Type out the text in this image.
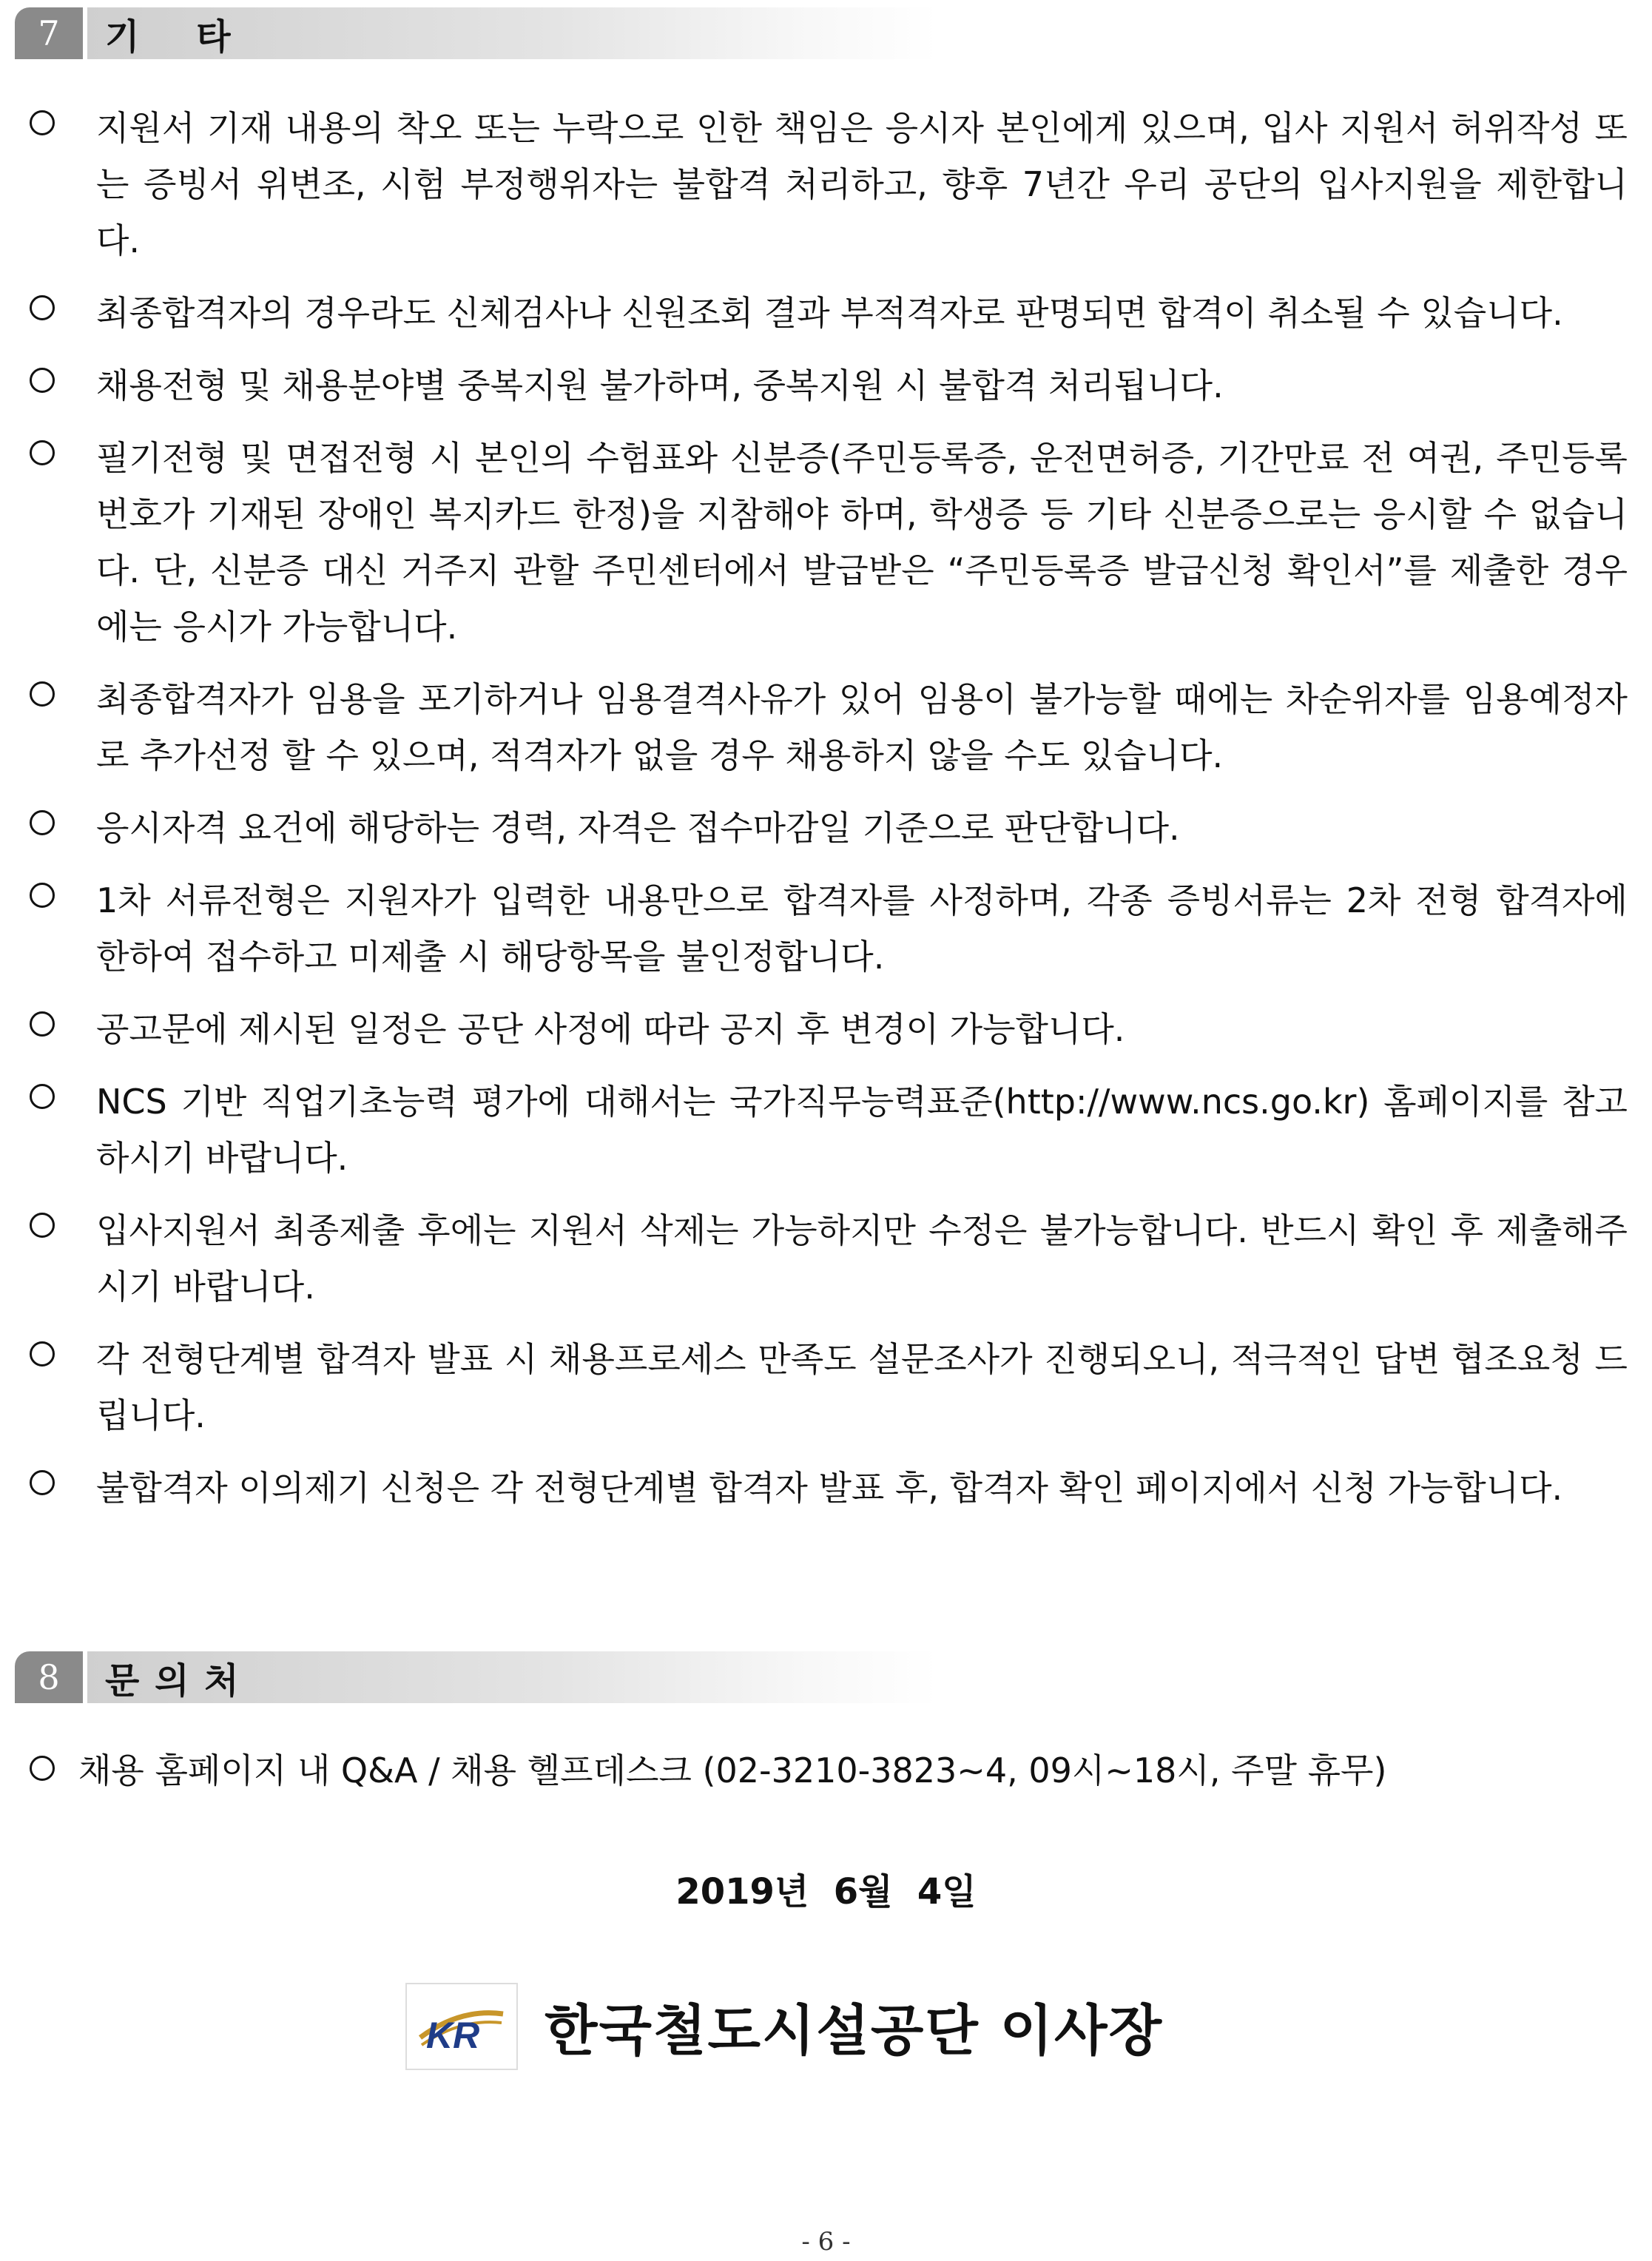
7	기    타
지원서 기재 내용의 착오 또는 누락으로 인한 책임은 응시자 본인에게 있으며, 입사 지원서 허위작성 또는 증빙서 위변조, 시험 부정행위자는 불합격 처리하고, 향후 7년간 우리 공단의 입사지원을 제한합니다.
최종합격자의 경우라도 신체검사나 신원조회 결과 부적격자로 판명되면 합격이 취소될 수 있습니다.
채용전형 및 채용분야별 중복지원 불가하며, 중복지원 시 불합격 처리됩니다.
필기전형 및 면접전형 시 본인의 수험표와 신분증(주민등록증, 운전면허증, 기간만료 전 여권, 주민등록번호가 기재된 장애인 복지카드 한정)을 지참해야 하며, 학생증 등 기타 신분증으로는 응시할 수 없습니다. 단, 신분증 대신 거주지 관할 주민센터에서 발급받은 “주민등록증 발급신청 확인서”를 제출한 경우에는 응시가 가능합니다.
최종합격자가 임용을 포기하거나 임용결격사유가 있어 임용이 불가능할 때에는 차순위자를 임용예정자로 추가선정 할 수 있으며, 적격자가 없을 경우 채용하지 않을 수도 있습니다.
응시자격 요건에 해당하는 경력, 자격은 접수마감일 기준으로 판단합니다.
1차 서류전형은 지원자가 입력한 내용만으로 합격자를 사정하며, 각종 증빙서류는 2차 전형 합격자에 한하여 접수하고 미제출 시 해당항목을 불인정합니다.
공고문에 제시된 일정은 공단 사정에 따라 공지 후 변경이 가능합니다.
NCS 기반 직업기초능력 평가에 대해서는 국가직무능력표준(http://www.ncs.go.kr) 홈페이지를 참고하시기 바랍니다.
입사지원서 최종제출 후에는 지원서 삭제는 가능하지만 수정은 불가능합니다. 반드시 확인 후 제출해주시기 바랍니다.
각 전형단계별 합격자 발표 시 채용프로세스 만족도 설문조사가 진행되오니, 적극적인 답변 협조요청 드립니다.
불합격자 이의제기 신청은 각 전형단계별 합격자 발표 후, 합격자 확인 페이지에서 신청 가능합니다.
8	문 의 처
채용 홈페이지 내 Q&A / 채용 헬프데스크 (02-3210-3823~4, 09시~18시, 주말 휴무)
2019년  6월  4일
KR 한국철도시설공단 이사장
- 6 -
